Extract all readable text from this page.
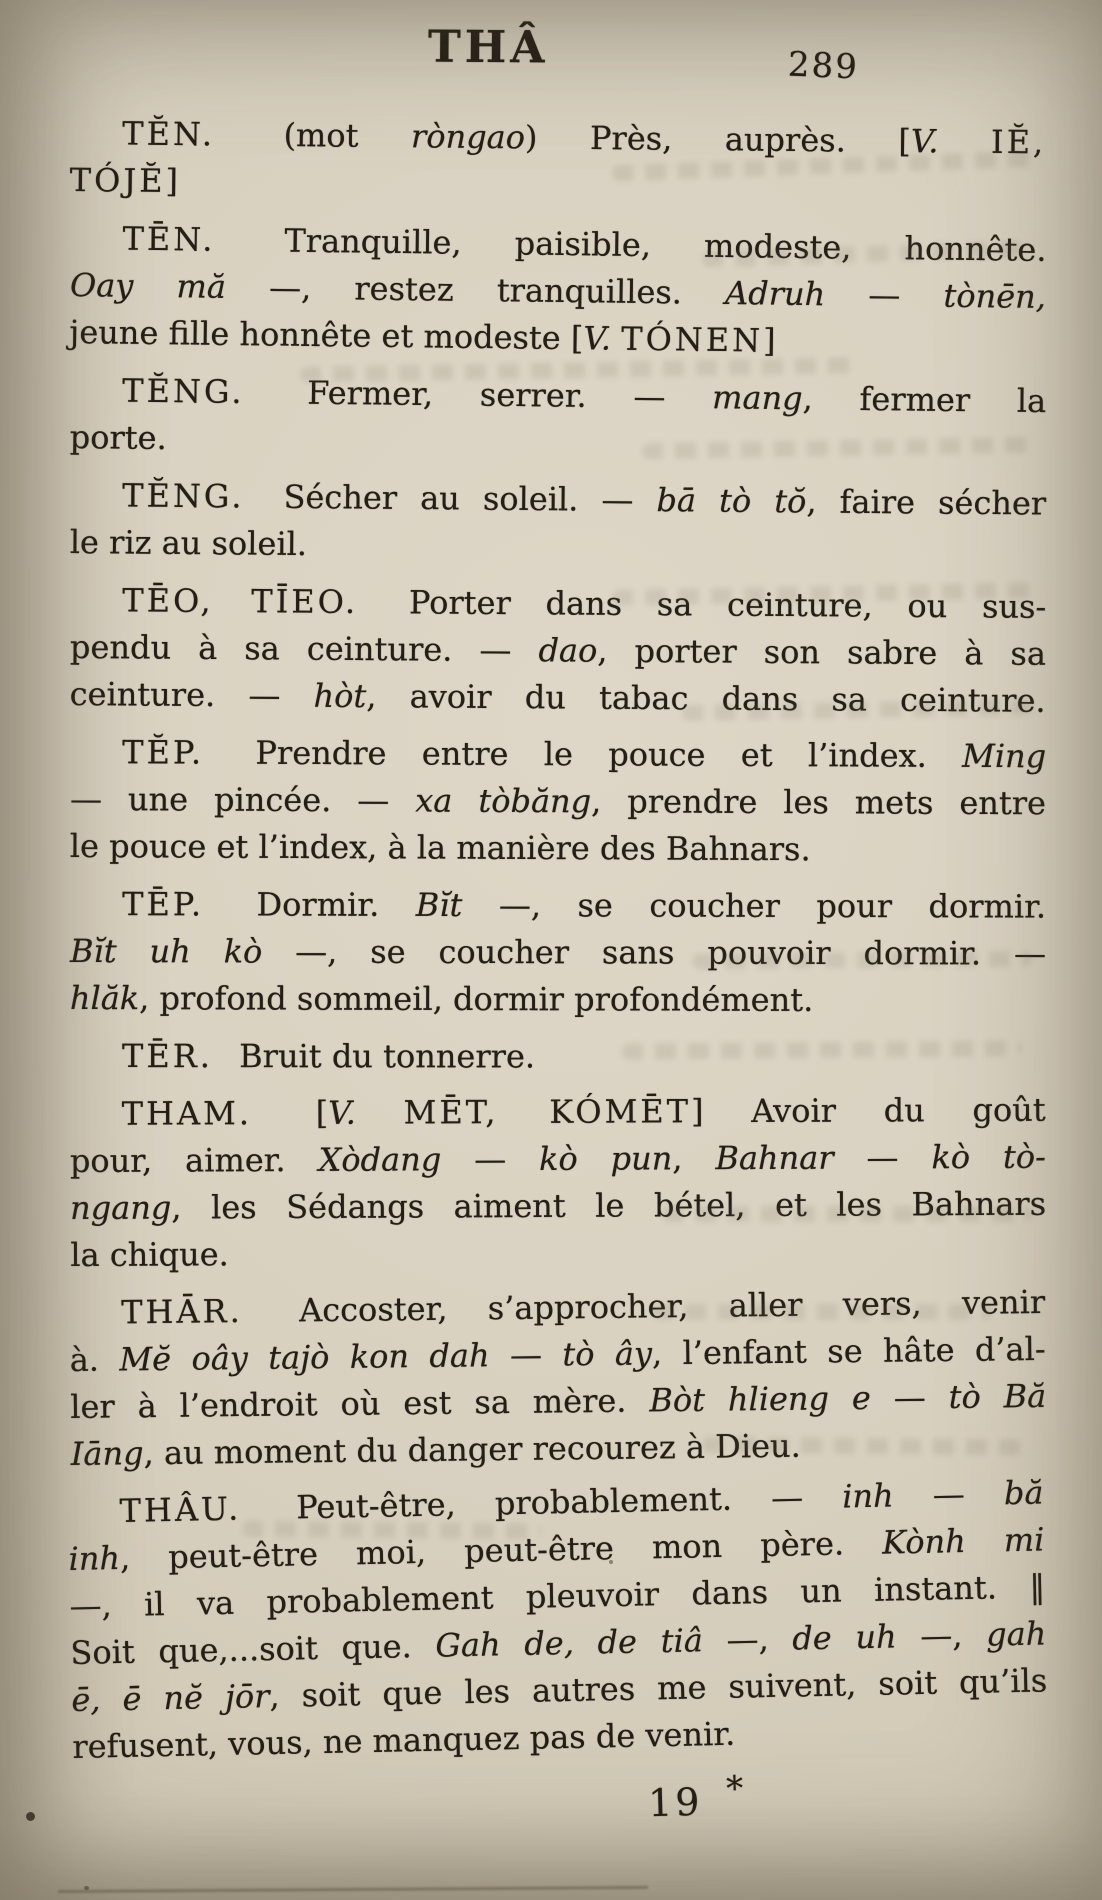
THÂ	289
TĔN. (mot ròngao) Près, auprès. [V. IĔ,
TÓJĔ]
TĒN. Tranquille, paisible, modeste, honnête.
Oay mă —, restez tranquilles. Adruh — tònēn,
jeune fille honnête et modeste [V. TÓNEN]
TĔNG. Fermer, serrer. — mang, fermer la
porte.
TĔNG. Sécher au soleil. — bā tò tŏ, faire sécher
le riz au soleil.
TĒO, TĪEO. Porter dans sa ceinture, ou sus-
pendu à sa ceinture. — dao, porter son sabre à sa
ceinture. — hòt, avoir du tabac dans sa ceinture.
TĔP. Prendre entre le pouce et l’index. Ming
— une pincée. — xa tòbăng, prendre les mets entre
le pouce et l’index, à la manière des Bahnars.
TĒP. Dormir. Bĭt —, se coucher pour dormir.
Bĭt uh kò —, se coucher sans pouvoir dormir. —
hlăk, profond sommeil, dormir profondément.
TĒR. Bruit du tonnerre.
THAM. [V. MĒT, KÓMĒT] Avoir du goût
pour, aimer. Xòdang — kò pun, Bahnar — kò tò-
ngang, les Sédangs aiment le bétel, et les Bahnars
la chique.
THĀR. Accoster, s’approcher, aller vers, venir
à. Mĕ oây tajò kon dah — tò ây, l’enfant se hâte d’al-
ler à l’endroit où est sa mère. Bòt hlieng e — tò Bă
Iāng, au moment du danger recourez à Dieu.
THÂU. Peut-être, probablement. — inh — bă
inh, peut-être moi, peut-être mon père. Kònh mi
—, il va probablement pleuvoir dans un instant. ‖
Soit que,...soit que. Gah de, de tiâ —, de uh —, gah
ē, ē nĕ jōr, soit que les autres me suivent, soit qu’ils
refusent, vous, ne manquez pas de venir.
19 *
